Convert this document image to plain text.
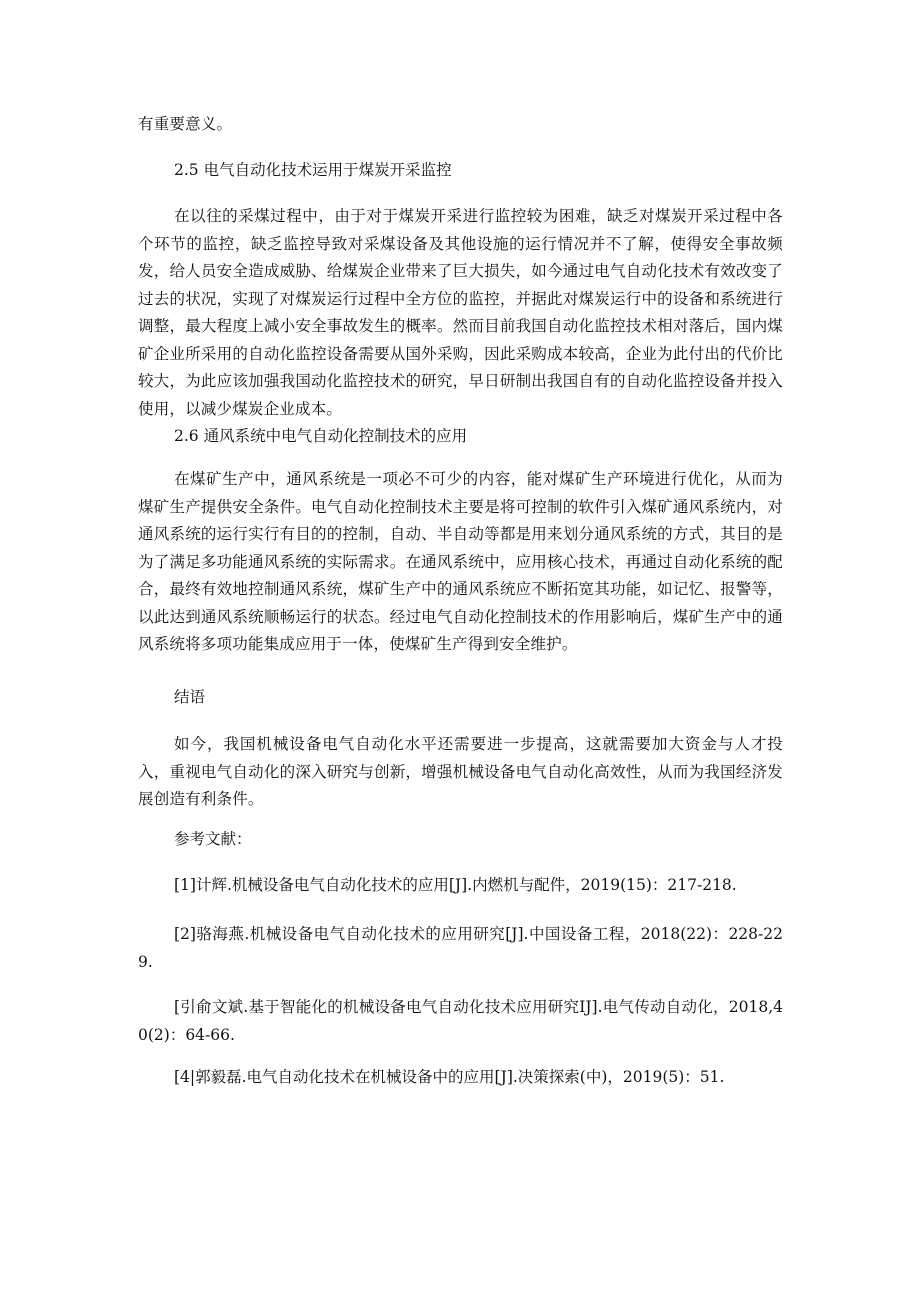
有重要意义。

2.5 电气自动化技术运用于煤炭开采监控

在以往的采煤过程中，由于对于煤炭开采进行监控较为困难，缺乏对煤炭开采过程中各个环节的监控，缺乏监控导致对采煤设备及其他设施的运行情况并不了解，使得安全事故频发，给人员安全造成威胁、给煤炭企业带来了巨大损失，如今通过电气自动化技术有效改变了过去的状况，实现了对煤炭运行过程中全方位的监控，并据此对煤炭运行中的设备和系统进行调整，最大程度上减小安全事故发生的概率。然而目前我国自动化监控技术相对落后，国内煤矿企业所采用的自动化监控设备需要从国外采购，因此采购成本较高，企业为此付出的代价比较大，为此应该加强我国动化监控技术的研究，早日研制出我国自有的自动化监控设备并投入使用，以减少煤炭企业成本。

2.6 通风系统中电气自动化控制技术的应用

在煤矿生产中，通风系统是一项必不可少的内容，能对煤矿生产环境进行优化，从而为煤矿生产提供安全条件。电气自动化控制技术主要是将可控制的软件引入煤矿通风系统内，对通风系统的运行实行有目的的控制，自动、半自动等都是用来划分通风系统的方式，其目的是为了满足多功能通风系统的实际需求。在通风系统中，应用核心技术，再通过自动化系统的配合，最终有效地控制通风系统，煤矿生产中的通风系统应不断拓宽其功能，如记忆、报警等，以此达到通风系统顺畅运行的状态。经过电气自动化控制技术的作用影响后，煤矿生产中的通风系统将多项功能集成应用于一体，使煤矿生产得到安全维护。

结语

如今，我国机械设备电气自动化水平还需要进一步提高，这就需要加大资金与人才投入，重视电气自动化的深入研究与创新，增强机械设备电气自动化高效性，从而为我国经济发展创造有利条件。

参考文献：

[1]计辉.机械设备电气自动化技术的应用[J].内燃机与配件，2019(15)：217-218.

[2]骆海燕.机械设备电气自动化技术的应用研究[J].中国设备工程，2018(22)：228-229.

[引俞文斌.基于智能化的机械设备电气自动化技术应用研究IJ].电气传动自动化，2018,40(2)：64-66.

[4|郭毅磊.电气自动化技术在机械设备中的应用[J].决策探索(中)，2019(5)：51.
